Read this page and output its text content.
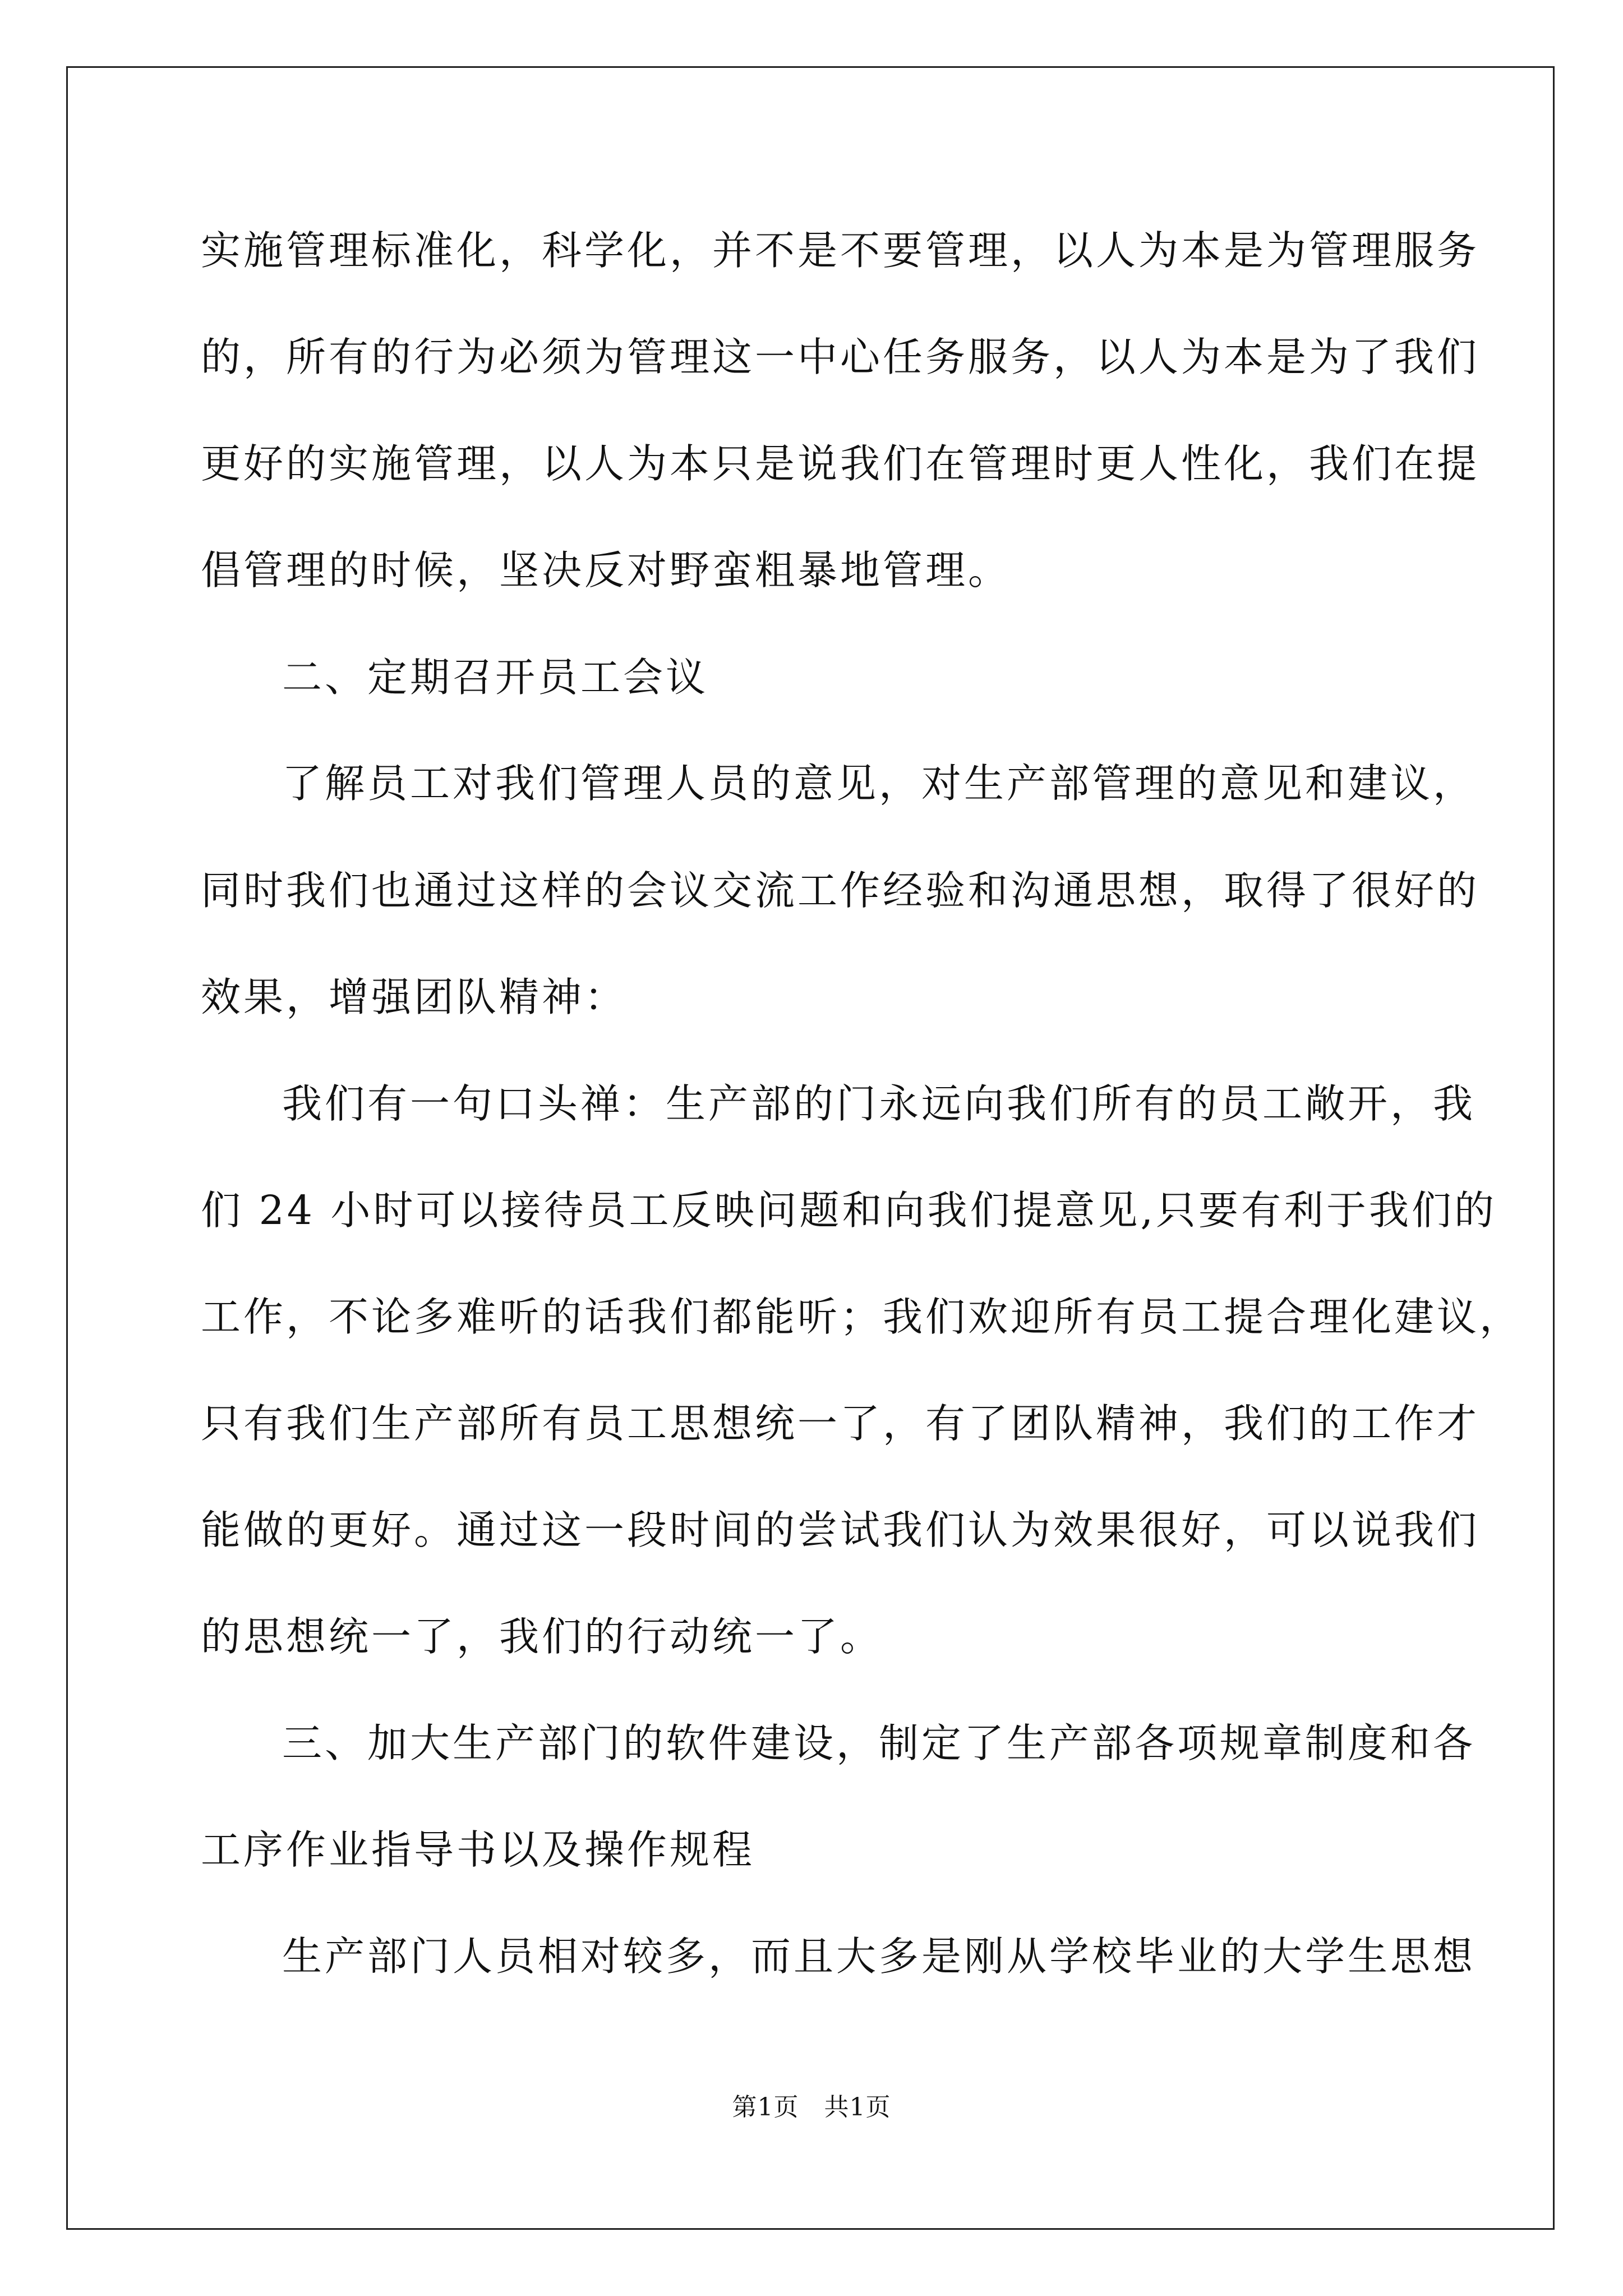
实施管理标准化，科学化，并不是不要管理，以人为本是为管理服务
的，所有的行为必须为管理这一中心任务服务，以人为本是为了我们
更好的实施管理，以人为本只是说我们在管理时更人性化，我们在提
倡管理的时候，坚决反对野蛮粗暴地管理。
二、定期召开员工会议
了解员工对我们管理人员的意见，对生产部管理的意见和建议，
同时我们也通过这样的会议交流工作经验和沟通思想，取得了很好的
效果，增强团队精神：
我们有一句口头禅：生产部的门永远向我们所有的员工敞开，我
们 24 小时可以接待员工反映问题和向我们提意见,只要有利于我们的
工作，不论多难听的话我们都能听；我们欢迎所有员工提合理化建议，
只有我们生产部所有员工思想统一了，有了团队精神，我们的工作才
能做的更好。通过这一段时间的尝试我们认为效果很好，可以说我们
的思想统一了，我们的行动统一了。
三、加大生产部门的软件建设，制定了生产部各项规章制度和各
工序作业指导书以及操作规程
生产部门人员相对较多，而且大多是刚从学校毕业的大学生思想
第1页   共1页
